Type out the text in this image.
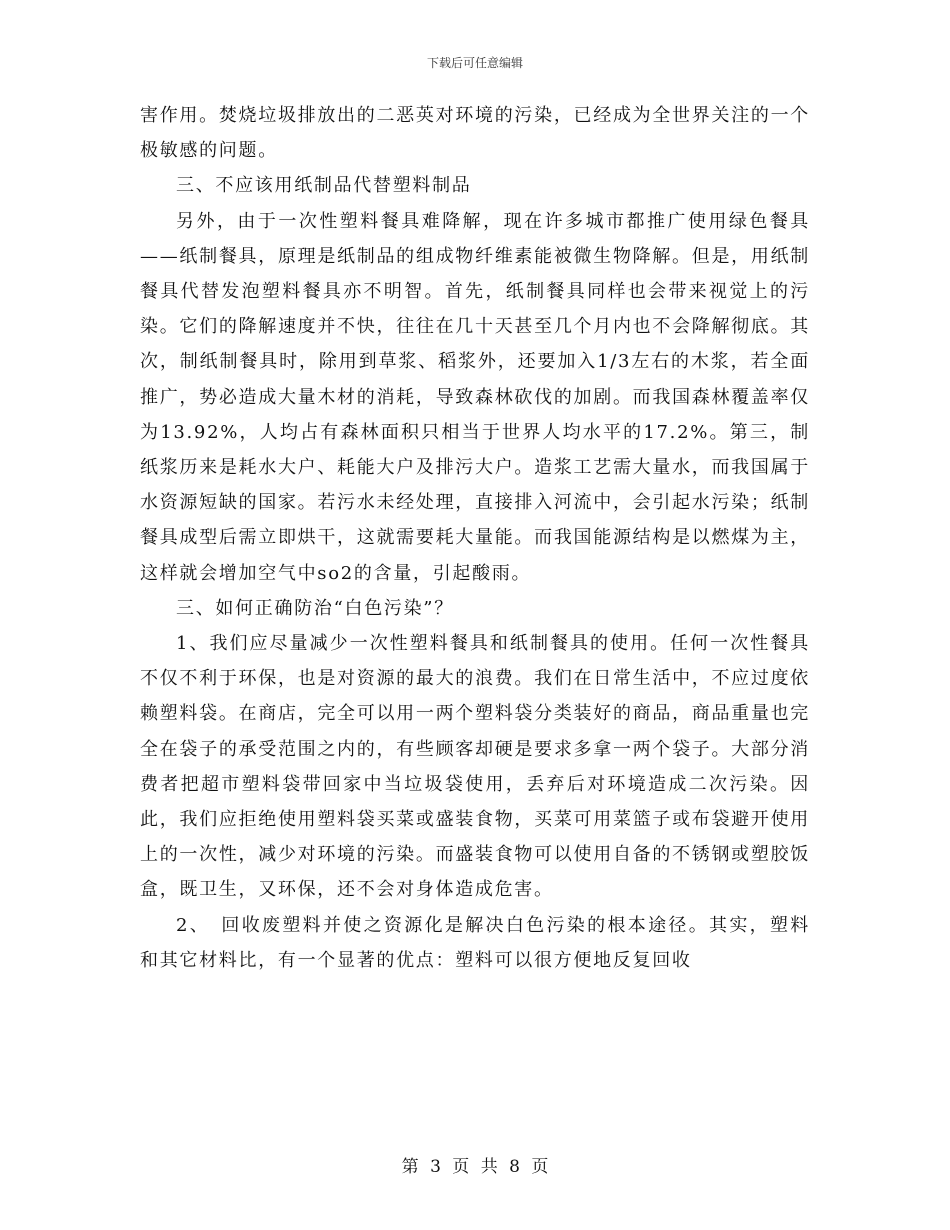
下载后可任意编辑

害作用。焚烧垃圾排放出的二恶英对环境的污染，已经成为全世界关注的一个极敏感的问题。

三、不应该用纸制品代替塑料制品

另外，由于一次性塑料餐具难降解，现在许多城市都推广使用绿色餐具——纸制餐具，原理是纸制品的组成物纤维素能被微生物降解。但是，用纸制餐具代替发泡塑料餐具亦不明智。首先，纸制餐具同样也会带来视觉上的污染。它们的降解速度并不快，往往在几十天甚至几个月内也不会降解彻底。其次，制纸制餐具时，除用到草浆、稻浆外，还要加入1/3左右的木浆，若全面推广，势必造成大量木材的消耗，导致森林砍伐的加剧。而我国森林覆盖率仅为13.92%，人均占有森林面积只相当于世界人均水平的17.2%。第三，制纸浆历来是耗水大户、耗能大户及排污大户。造浆工艺需大量水，而我国属于水资源短缺的国家。若污水未经处理，直接排入河流中，会引起水污染；纸制餐具成型后需立即烘干，这就需要耗大量能。而我国能源结构是以燃煤为主，这样就会增加空气中so2的含量，引起酸雨。

三、如何正确防治“白色污染”？

1、我们应尽量减少一次性塑料餐具和纸制餐具的使用。任何一次性餐具不仅不利于环保，也是对资源的最大的浪费。我们在日常生活中，不应过度依赖塑料袋。在商店，完全可以用一两个塑料袋分类装好的商品，商品重量也完全在袋子的承受范围之内的，有些顾客却硬是要求多拿一两个袋子。大部分消费者把超市塑料袋带回家中当垃圾袋使用，丢弃后对环境造成二次污染。因此，我们应拒绝使用塑料袋买菜或盛装食物，买菜可用菜篮子或布袋避开使用上的一次性，减少对环境的污染。而盛装食物可以使用自备的不锈钢或塑胶饭盒，既卫生，又环保，还不会对身体造成危害。

2、　回收废塑料并使之资源化是解决白色污染的根本途径。其实，塑料和其它材料比，有一个显著的优点：塑料可以很方便地反复回收

第 3 页 共 8 页
